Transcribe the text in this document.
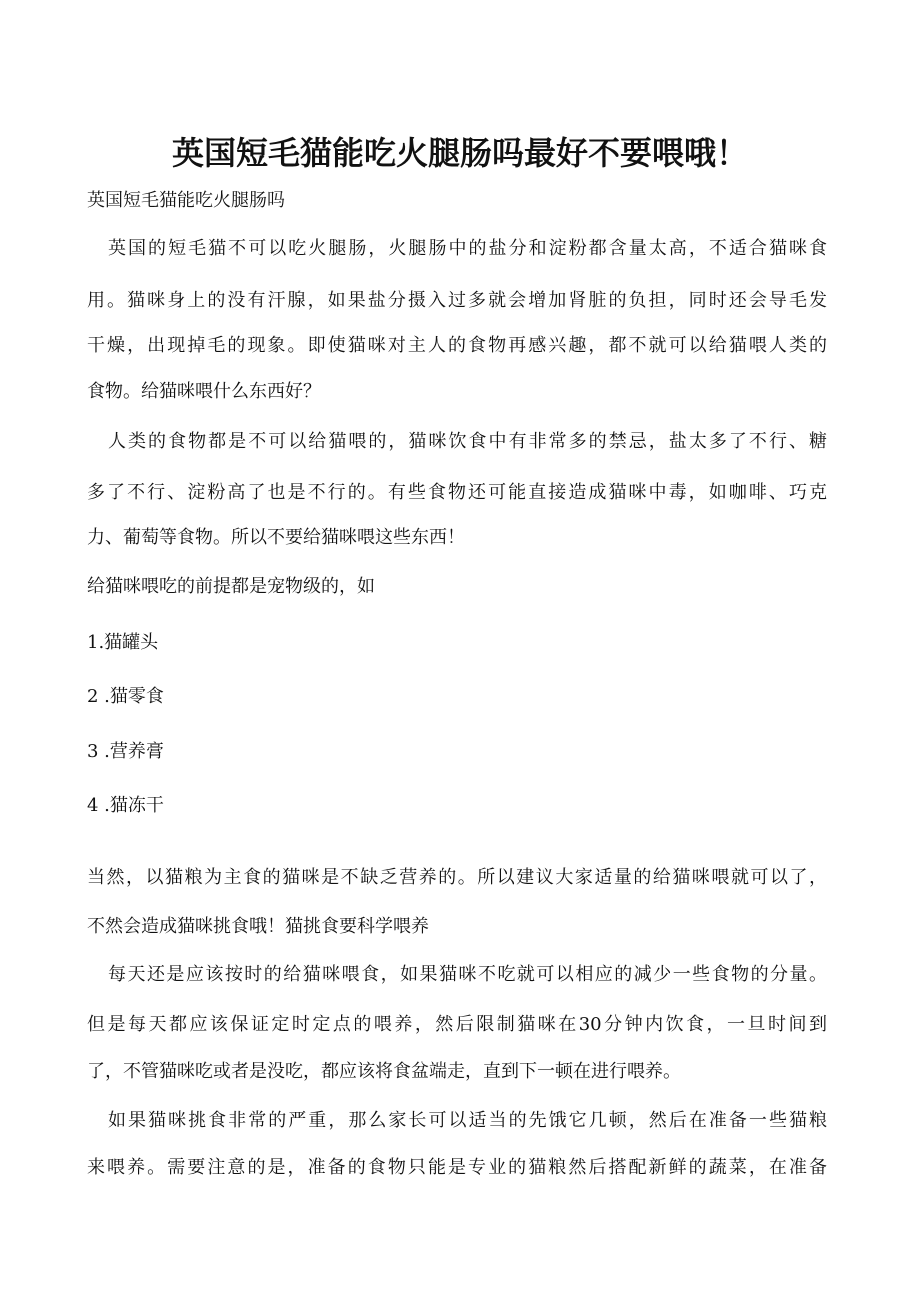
英国短毛猫能吃火腿肠吗最好不要喂哦！

英国短毛猫能吃火腿肠吗

英国的短毛猫不可以吃火腿肠，火腿肠中的盐分和淀粉都含量太高，不适合猫咪食

用。猫咪身上的没有汗腺，如果盐分摄入过多就会增加肾脏的负担，同时还会导毛发

干燥，出现掉毛的现象。即使猫咪对主人的食物再感兴趣，都不就可以给猫喂人类的

食物。给猫咪喂什么东西好？

人类的食物都是不可以给猫喂的，猫咪饮食中有非常多的禁忌，盐太多了不行、糖

多了不行、淀粉高了也是不行的。有些食物还可能直接造成猫咪中毒，如咖啡、巧克

力、葡萄等食物。所以不要给猫咪喂这些东西！

给猫咪喂吃的前提都是宠物级的，如

1.猫罐头

2 .猫零食

3 .营养膏

4 .猫冻干

当然，以猫粮为主食的猫咪是不缺乏营养的。所以建议大家适量的给猫咪喂就可以了，

不然会造成猫咪挑食哦！猫挑食要科学喂养

每天还是应该按时的给猫咪喂食，如果猫咪不吃就可以相应的减少一些食物的分量。

但是每天都应该保证定时定点的喂养，然后限制猫咪在30分钟内饮食，一旦时间到

了，不管猫咪吃或者是没吃，都应该将食盆端走，直到下一顿在进行喂养。

如果猫咪挑食非常的严重，那么家长可以适当的先饿它几顿，然后在准备一些猫粮

来喂养。需要注意的是，准备的食物只能是专业的猫粮然后搭配新鲜的蔬菜，在准备
